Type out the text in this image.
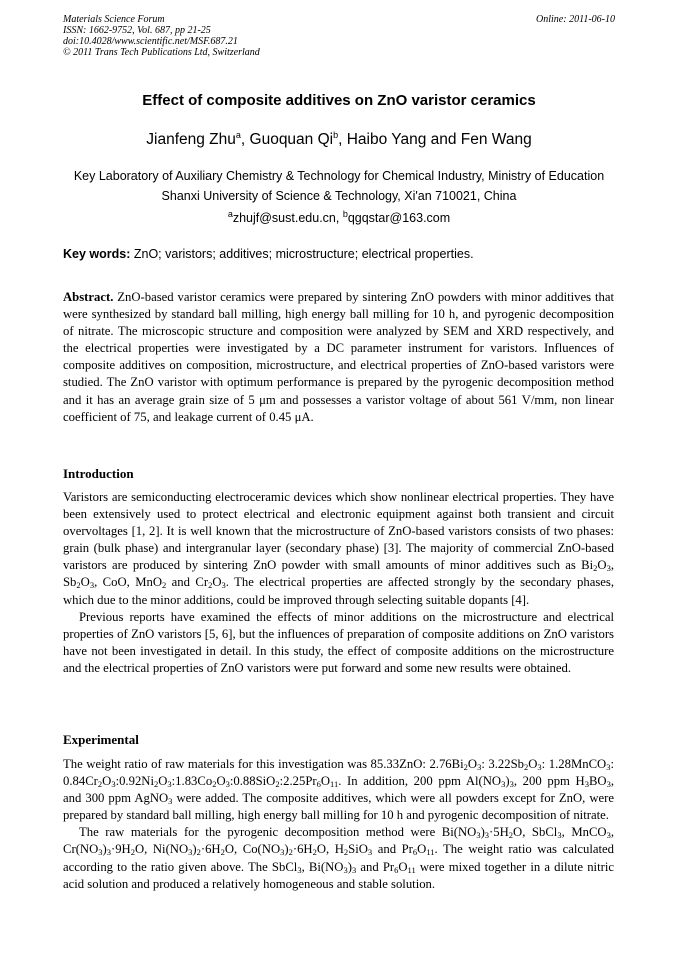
Materials Science Forum
ISSN: 1662-9752, Vol. 687, pp 21-25
doi:10.4028/www.scientific.net/MSF.687.21
© 2011 Trans Tech Publications Ltd, Switzerland
Online: 2011-06-10
Effect of composite additives on ZnO varistor ceramics
Jianfeng Zhu$^a$, Guoquan Qi$^b$, Haibo Yang and Fen Wang
Key Laboratory of Auxiliary Chemistry & Technology for Chemical Industry, Ministry of Education
Shanxi University of Science & Technology, Xi'an 710021, China
$^a$zhujf@sust.edu.cn, $^b$qgqstar@163.com
Key words: ZnO; varistors; additives; microstructure; electrical properties.
Abstract. ZnO-based varistor ceramics were prepared by sintering ZnO powders with minor additives that were synthesized by standard ball milling, high energy ball milling for 10 h, and pyrogenic decomposition of nitrate. The microscopic structure and composition were analyzed by SEM and XRD respectively, and the electrical properties were investigated by a DC parameter instrument for varistors. Influences of composite additives on composition, microstructure, and electrical properties of ZnO-based varistors were studied. The ZnO varistor with optimum performance is prepared by the pyrogenic decomposition method and it has an average grain size of 5 μm and possesses a varistor voltage of about 561 V/mm, non linear coefficient of 75, and leakage current of 0.45 μA.
Introduction

Varistors are semiconducting electroceramic devices which show nonlinear electrical properties. They have been extensively used to protect electrical and electronic equipment against both transient and circuit overvoltages [1, 2]. It is well known that the microstructure of ZnO-based varistors consists of two phases: grain (bulk phase) and intergranular layer (secondary phase) [3]. The majority of commercial ZnO-based varistors are produced by sintering ZnO powder with small amounts of minor additives such as $Bi_2O_3$, $Sb_2O_3$, CoO, MnO$_2$ and $Cr_2O_3$. The electrical properties are affected strongly by the secondary phases, which due to the minor additions, could be improved through selecting suitable dopants [4].

Previous reports have examined the effects of minor additions on the microstructure and electrical properties of ZnO varistors [5, 6], but the influences of preparation of composite additions on ZnO varistors have not been investigated in detail. In this study, the effect of composite additions on the microstructure and the electrical properties of ZnO varistors were put forward and some new results were obtained.

Experimental

The weight ratio of raw materials for this investigation was 85.33ZnO: $2.76Bi_2O_3$: $3.22Sb_2O_3$: 1.28MnCO$_3$: $0.84Cr_2O_3:0.92Ni_2O_3:1.83Co_2O_3:0.88SiO_2:2.25Pr_6O_{11}$. In addition, 200 ppm $Al(NO_3)_3$, 200 ppm $H_3BO_3$, and 300 ppm AgNO$_3$ were added. The composite additives, which were all powders except for ZnO, were prepared by standard ball milling, high energy ball milling for 10 h and pyrogenic decomposition of nitrate.

The raw materials for the pyrogenic decomposition method were $Bi(NO_3)_3\cdot 5H_2O$, SbCl$_3$, MnCO$_3$, $Cr(NO_3)_3\cdot 9H_2O$, $Ni(NO_3)_2\cdot 6H_2O$, $Co(NO_3)_2\cdot 6H_2O$, $H_2SiO_3$ and $Pr_6O_{11}$. The weight ratio was calculated according to the ratio given above. The SbCl$_3$, $Bi(NO_3)_3$ and $Pr_6O_{11}$ were mixed together in a dilute nitric acid solution and produced a relatively homogeneous and stable solution.
